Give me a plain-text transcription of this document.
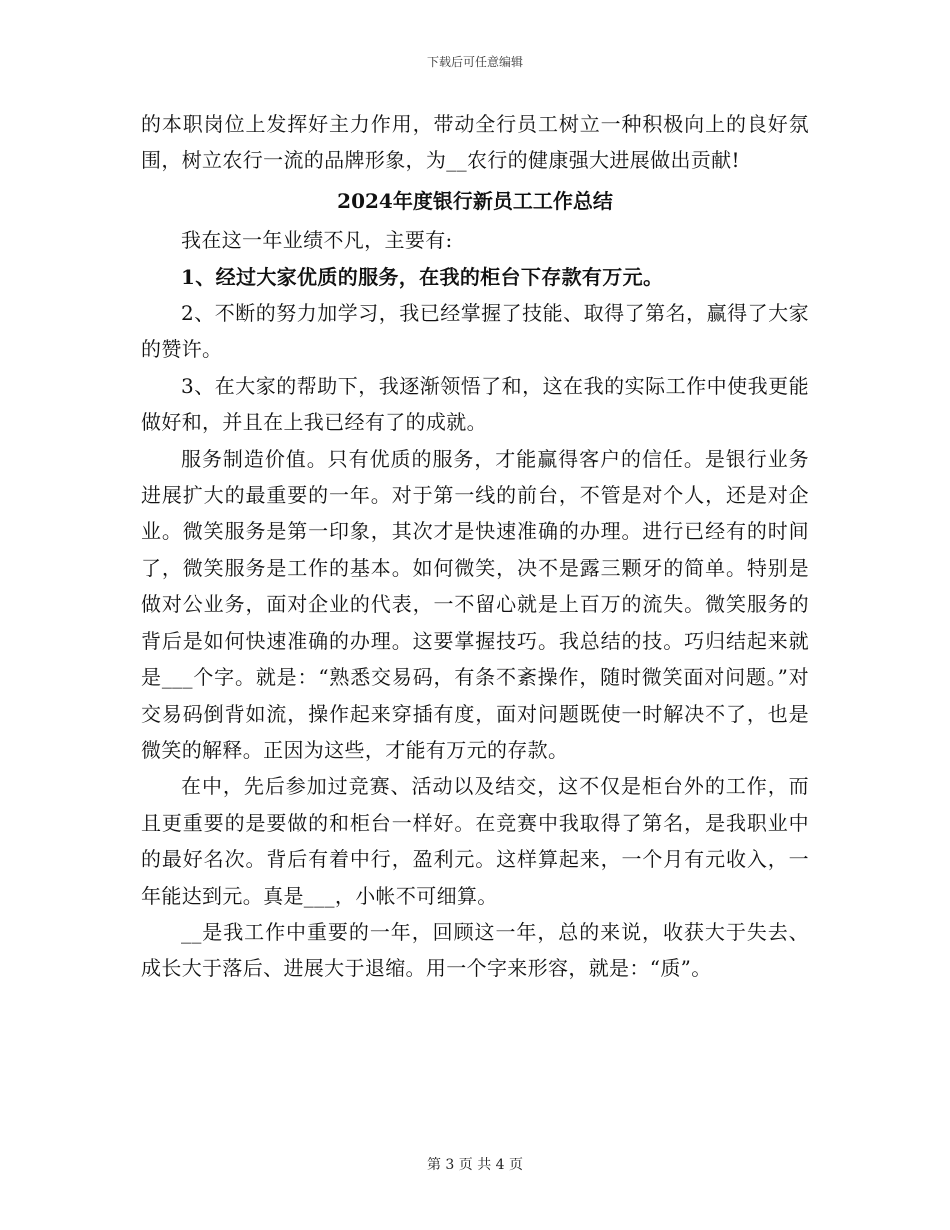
下载后可任意编辑

的本职岗位上发挥好主力作用，带动全行员工树立一种积极向上的良好氛围，树立农行一流的品牌形象，为__农行的健康强大进展做出贡献!

2024年度银行新员工工作总结

我在这一年业绩不凡，主要有:

1、经过大家优质的服务，在我的柜台下存款有万元。

2、不断的努力加学习，我已经掌握了技能、取得了第名，赢得了大家的赞许。

3、在大家的帮助下，我逐渐领悟了和，这在我的实际工作中使我更能做好和，并且在上我已经有了的成就。

服务制造价值。只有优质的服务，才能赢得客户的信任。是银行业务进展扩大的最重要的一年。对于第一线的前台，不管是对个人，还是对企业。微笑服务是第一印象，其次才是快速准确的办理。进行已经有的时间了，微笑服务是工作的基本。如何微笑，决不是露三颗牙的简单。特别是做对公业务，面对企业的代表，一不留心就是上百万的流失。微笑服务的背后是如何快速准确的办理。这要掌握技巧。我总结的技。巧归结起来就是___个字。就是：“熟悉交易码，有条不紊操作，随时微笑面对问题。”对交易码倒背如流，操作起来穿插有度，面对问题既使一时解决不了，也是微笑的解释。正因为这些，才能有万元的存款。

在中，先后参加过竞赛、活动以及结交，这不仅是柜台外的工作，而且更重要的是要做的和柜台一样好。在竞赛中我取得了第名，是我职业中的最好名次。背后有着中行，盈利元。这样算起来，一个月有元收入，一年能达到元。真是___，小帐不可细算。

__是我工作中重要的一年，回顾这一年，总的来说，收获大于失去、成长大于落后、进展大于退缩。用一个字来形容，就是：“质”。

第 3 页 共 4 页
